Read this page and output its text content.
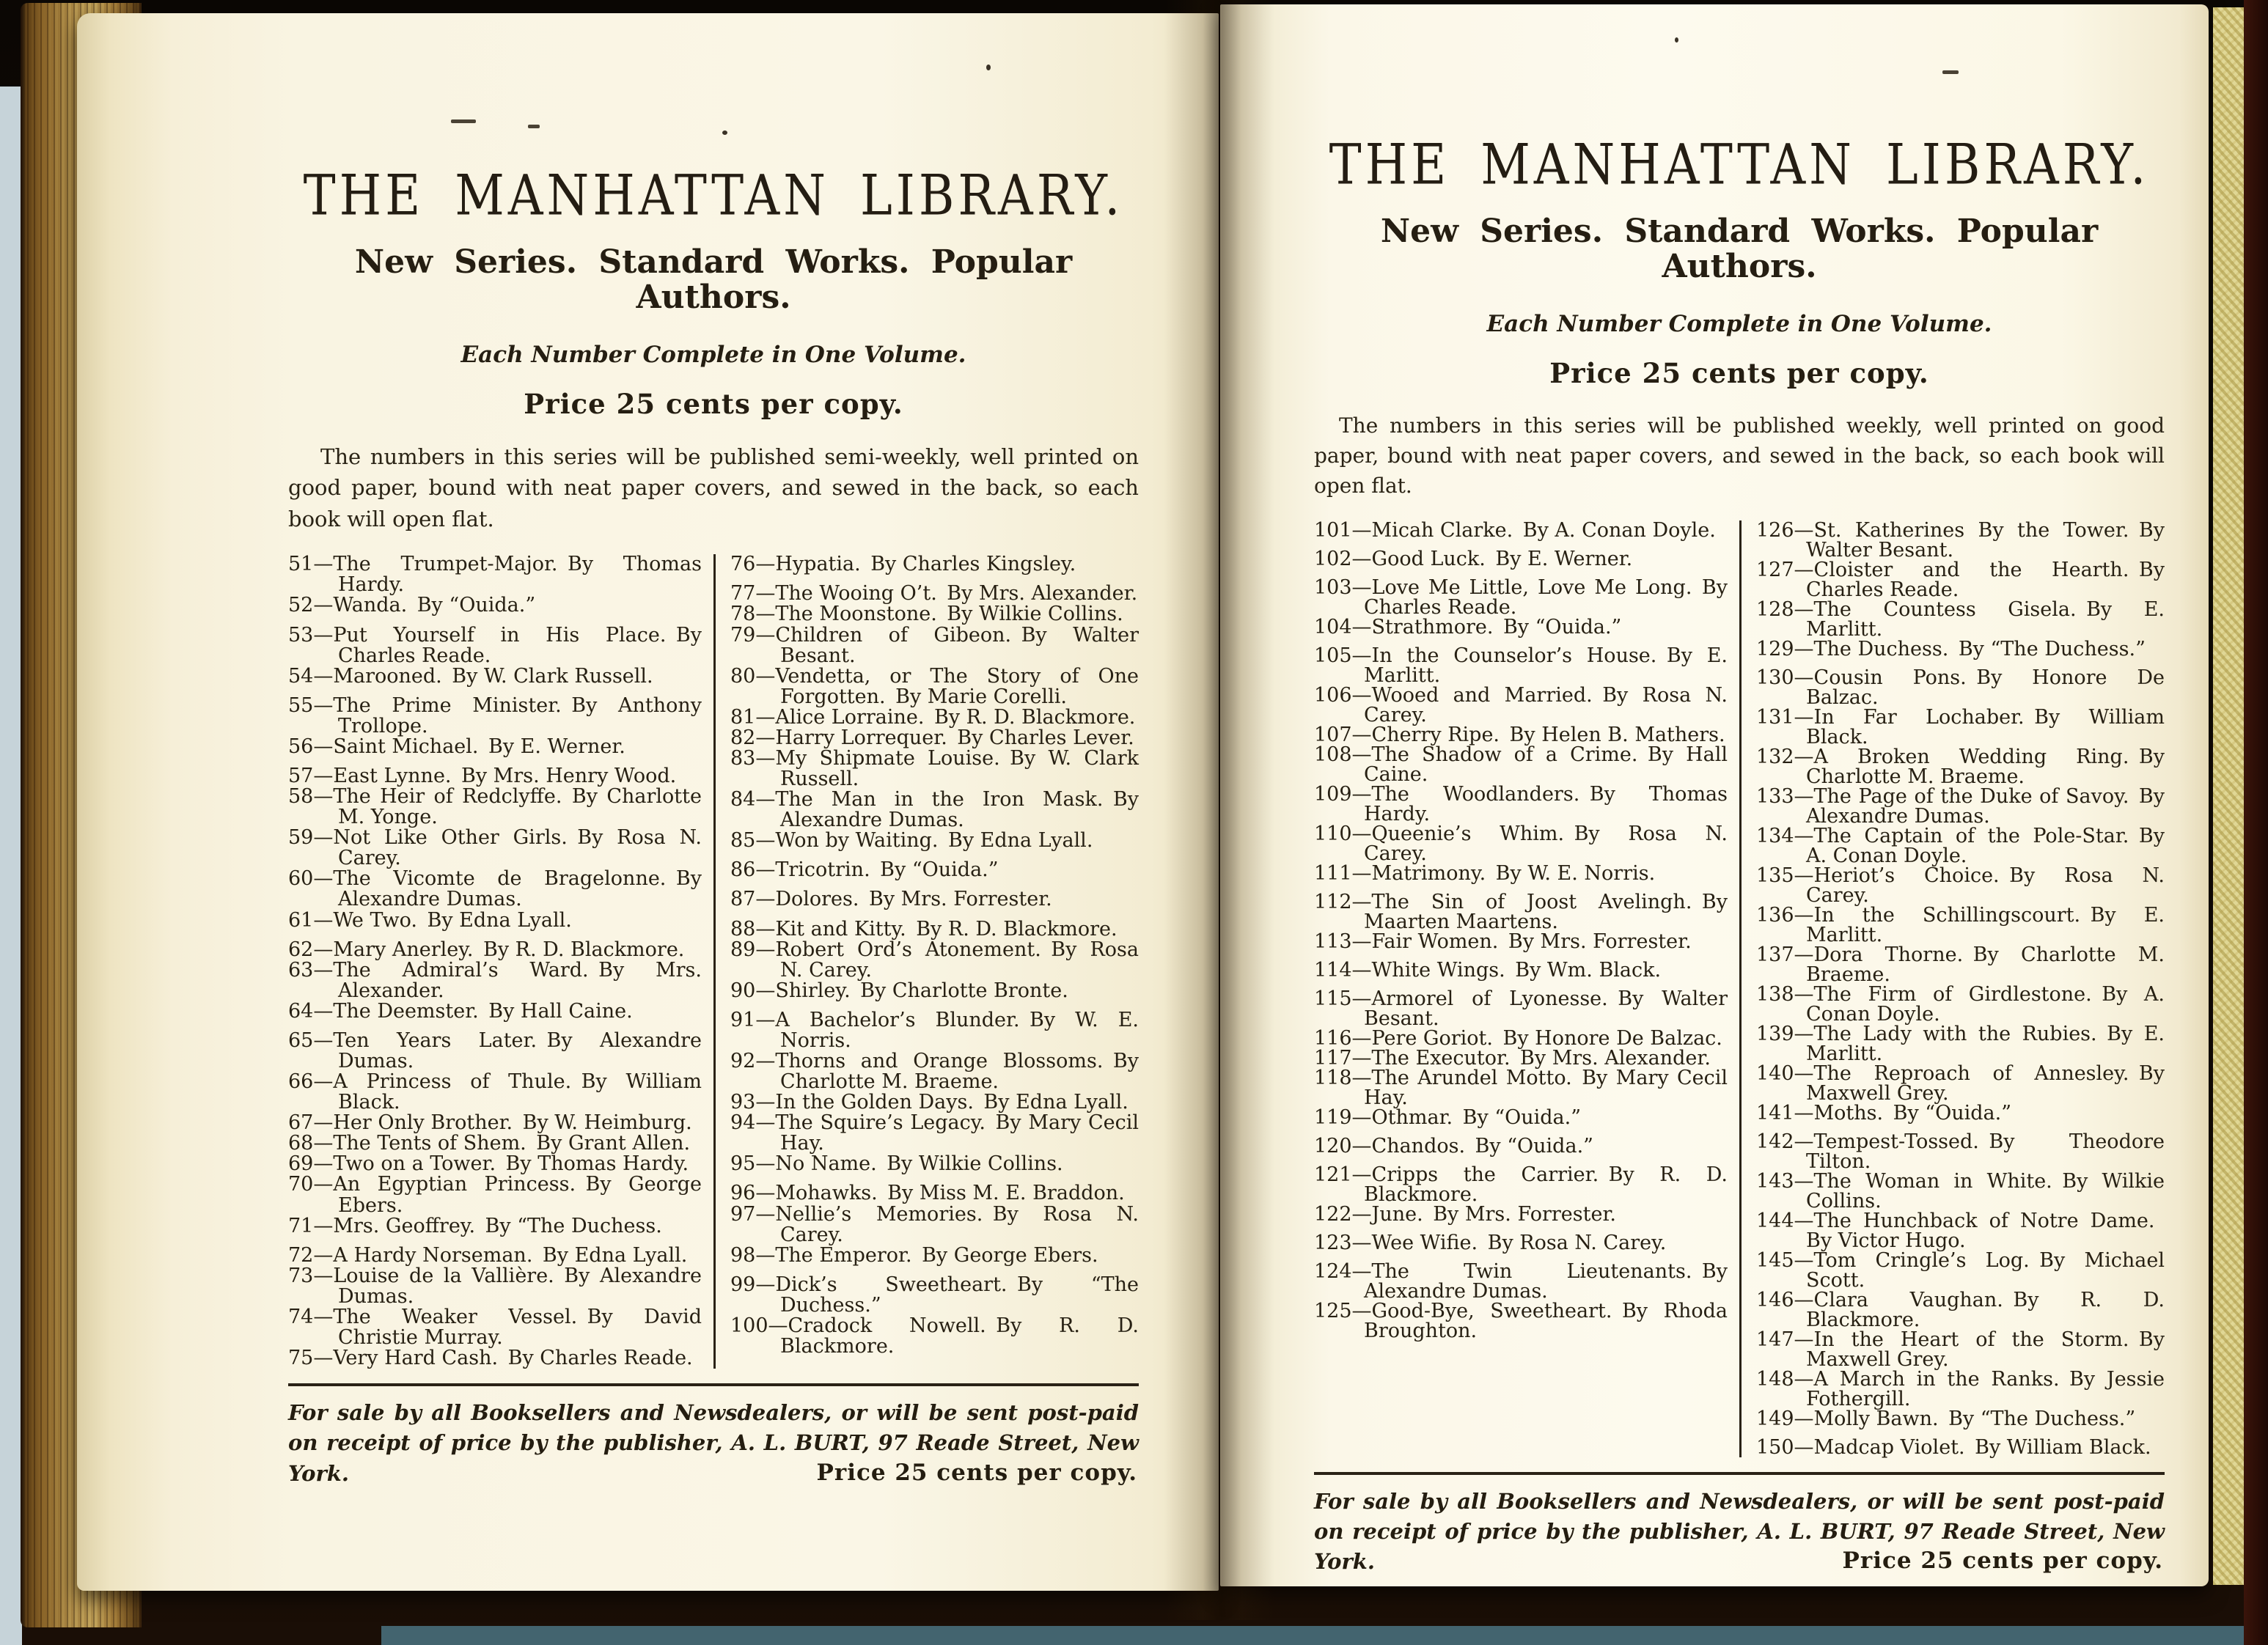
THE MANHATTAN LIBRARY.
New Series. Standard Works. Popular Authors.
Each Number Complete in One Volume.
Price 25 cents per copy.

The numbers in this series will be published semi-weekly, well printed on good paper, bound with neat paper covers, and sewed in the back, so each book will open flat.

51—The Trumpet-Major. By Thomas Hardy.
52—Wanda. By “Ouida.”
53—Put Yourself in His Place. By Charles Reade.
54—Marooned. By W. Clark Russell.
55—The Prime Minister. By Anthony Trollope.
56—Saint Michael. By E. Werner.
57—East Lynne. By Mrs. Henry Wood.
58—The Heir of Redclyffe. By Charlotte M. Yonge.
59—Not Like Other Girls. By Rosa N. Carey.
60—The Vicomte de Bragelonne. By Alexandre Dumas.
61—We Two. By Edna Lyall.
62—Mary Anerley. By R. D. Blackmore.
63—The Admiral’s Ward. By Mrs. Alexander.
64—The Deemster. By Hall Caine.
65—Ten Years Later. By Alexandre Dumas.
66—A Princess of Thule. By William Black.
67—Her Only Brother. By W. Heimburg.
68—The Tents of Shem. By Grant Allen.
69—Two on a Tower. By Thomas Hardy.
70—An Egyptian Princess. By George Ebers.
71—Mrs. Geoffrey. By “The Duchess.
72—A Hardy Norseman. By Edna Lyall.
73—Louise de la Vallière. By Alexandre Dumas.
74—The Weaker Vessel. By David Christie Murray.
75—Very Hard Cash. By Charles Reade.
76—Hypatia. By Charles Kingsley.
77—The Wooing O’t. By Mrs. Alexander.
78—The Moonstone. By Wilkie Collins.
79—Children of Gibeon. By Walter Besant.
80—Vendetta, or The Story of One Forgotten. By Marie Corelli.
81—Alice Lorraine. By R. D. Blackmore.
82—Harry Lorrequer. By Charles Lever.
83—My Shipmate Louise. By W. Clark Russell.
84—The Man in the Iron Mask. By Alexandre Dumas.
85—Won by Waiting. By Edna Lyall.
86—Tricotrin. By “Ouida.”
87—Dolores. By Mrs. Forrester.
88—Kit and Kitty. By R. D. Blackmore.
89—Robert Ord’s Atonement. By Rosa N. Carey.
90—Shirley. By Charlotte Bronte.
91—A Bachelor’s Blunder. By W. E. Norris.
92—Thorns and Orange Blossoms. By Charlotte M. Braeme.
93—In the Golden Days. By Edna Lyall.
94—The Squire’s Legacy. By Mary Cecil Hay.
95—No Name. By Wilkie Collins.
96—Mohawks. By Miss M. E. Braddon.
97—Nellie’s Memories. By Rosa N. Carey.
98—The Emperor. By George Ebers.
99—Dick’s Sweetheart. By “The Duchess.”
100—Cradock Nowell. By R. D. Blackmore.
For sale by all Booksellers and Newsdealers, or will be sent post-paid on receipt of price by the publisher, A. L. BURT, 97 Reade Street, New York.	Price 25 cents per copy.
THE MANHATTAN LIBRARY.
New Series. Standard Works. Popular Authors.
Each Number Complete in One Volume.
Price 25 cents per copy.

The numbers in this series will be published weekly, well printed on good paper, bound with neat paper covers, and sewed in the back, so each book will open flat.

101—Micah Clarke. By A. Conan Doyle.
102—Good Luck. By E. Werner.
103—Love Me Little, Love Me Long. By Charles Reade.
104—Strathmore. By “Ouida.”
105—In the Counselor’s House. By E. Marlitt.
106—Wooed and Married. By Rosa N. Carey.
107—Cherry Ripe. By Helen B. Mathers.
108—The Shadow of a Crime. By Hall Caine.
109—The Woodlanders. By Thomas Hardy.
110—Queenie’s Whim. By Rosa N. Carey.
111—Matrimony. By W. E. Norris.
112—The Sin of Joost Avelingh. By Maarten Maartens.
113—Fair Women. By Mrs. Forrester.
114—White Wings. By Wm. Black.
115—Armorel of Lyonesse. By Walter Besant.
116—Pere Goriot. By Honore De Balzac.
117—The Executor. By Mrs. Alexander.
118—The Arundel Motto. By Mary Cecil Hay.
119—Othmar. By “Ouida.”
120—Chandos. By “Ouida.”
121—Cripps the Carrier. By R. D. Blackmore.
122—June. By Mrs. Forrester.
123—Wee Wifie. By Rosa N. Carey.
124—The Twin Lieutenants. By Alexandre Dumas.
125—Good-Bye, Sweetheart. By Rhoda Broughton.
126—St. Katherines By the Tower. By Walter Besant.
127—Cloister and the Hearth. By Charles Reade.
128—The Countess Gisela. By E. Marlitt.
129—The Duchess. By “The Duchess.”
130—Cousin Pons. By Honore De Balzac.
131—In Far Lochaber. By William Black.
132—A Broken Wedding Ring. By Charlotte M. Braeme.
133—The Page of the Duke of Savoy. By Alexandre Dumas.
134—The Captain of the Pole-Star. By A. Conan Doyle.
135—Heriot’s Choice. By Rosa N. Carey.
136—In the Schillingscourt. By E. Marlitt.
137—Dora Thorne. By Charlotte M. Braeme.
138—The Firm of Girdlestone. By A. Conan Doyle.
139—The Lady with the Rubies. By E. Marlitt.
140—The Reproach of Annesley. By Maxwell Grey.
141—Moths. By “Ouida.”
142—Tempest-Tossed. By Theodore Tilton.
143—The Woman in White. By Wilkie Collins.
144—The Hunchback of Notre Dame. By Victor Hugo.
145—Tom Cringle’s Log. By Michael Scott.
146—Clara Vaughan. By R. D. Blackmore.
147—In the Heart of the Storm. By Maxwell Grey.
148—A March in the Ranks. By Jessie Fothergill.
149—Molly Bawn. By “The Duchess.”
150—Madcap Violet. By William Black.
For sale by all Booksellers and Newsdealers, or will be sent post-paid on receipt of price by the publisher, A. L. BURT, 97 Reade Street, New York.	Price 25 cents per copy.
